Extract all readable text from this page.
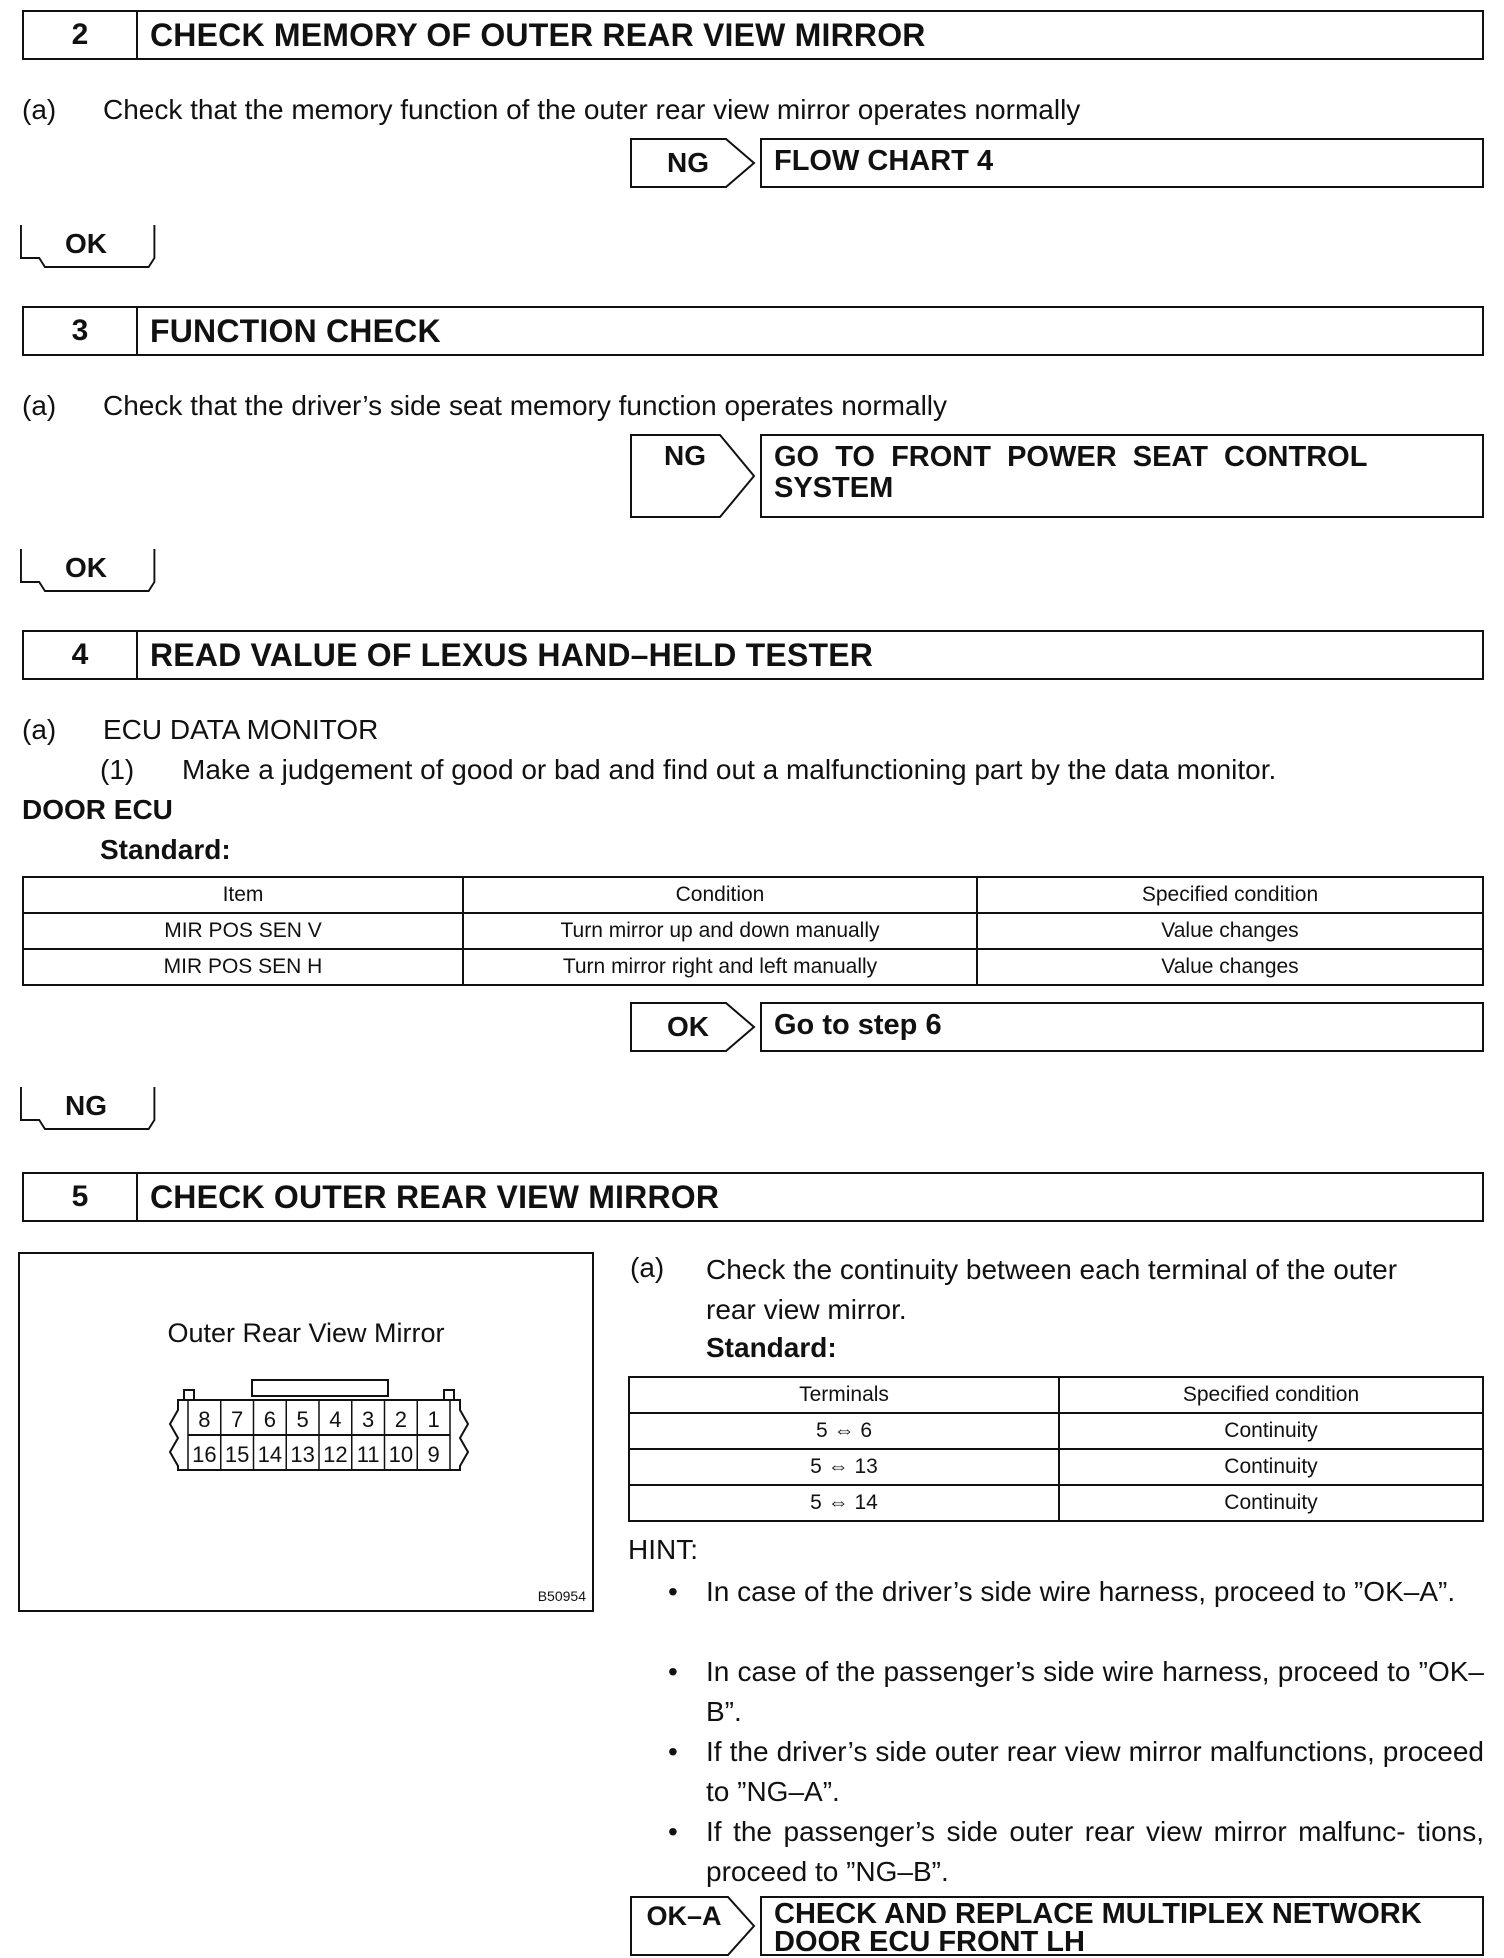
2	CHECK MEMORY OF OUTER REAR VIEW MIRROR
(a) Check that the memory function of the outer rear view mirror operates normally
NG	FLOW CHART 4
OK
3	FUNCTION CHECK
(a) Check that the driver’s side seat memory function operates normally
NG	GO  TO  FRONT  POWER  SEAT  CONTROL
SYSTEM
OK
4	READ VALUE OF LEXUS HAND–HELD TESTER
(a) ECU DATA MONITOR
(1) Make a judgement of good or bad and find out a malfunctioning part by the data monitor.
DOOR ECU
Standard:
Item	Condition	Specified condition
MIR POS SEN V	Turn mirror up and down manually	Value changes
MIR POS SEN H	Turn mirror right and left manually	Value changes
OK	Go to step 6
NG
5	CHECK OUTER REAR VIEW MIRROR
Outer Rear View Mirror
8 7 6 5 4 3 2 1
16 15 14 13 12 11 10 9
B50954
(a) Check the continuity between each terminal of the outer
rear view mirror.
Standard:
Terminals	Specified condition
5 ⇔ 6	Continuity
5 ⇔ 13	Continuity
5 ⇔ 14	Continuity
HINT:
• In case of the driver’s side wire harness, proceed to ”OK–A”.
• In case of the passenger’s side wire harness, proceed to ”OK–B”.
• If the driver’s side outer rear view mirror malfunctions, proceed to ”NG–A”.
• If the passenger’s side outer rear view mirror malfunc- tions, proceed to ”NG–B”.
OK–A	CHECK AND REPLACE MULTIPLEX NETWORK
DOOR ECU FRONT LH
